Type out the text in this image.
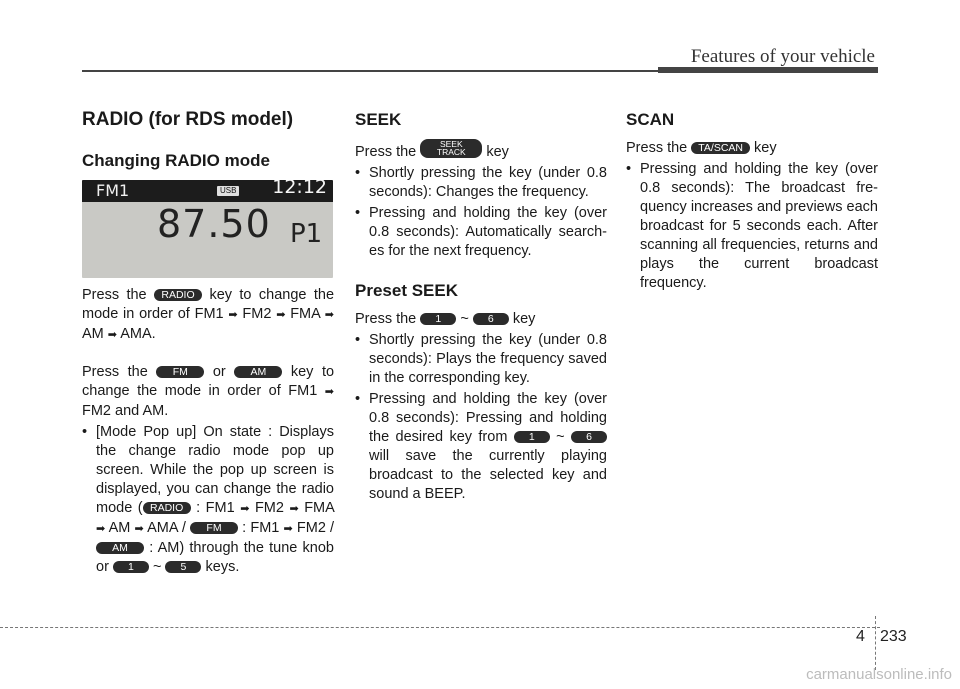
Features of your vehicle
RADIO (for RDS model)
Changing RADIO mode
FM1	USB 12:12
87.50 P1

Press the RADIO key to change the mode in order of FM1 ➡ FM2 ➡ FMA ➡ AM ➡ AMA.

Press the FM or AM key to change the mode in order of FM1 ➡ FM2 and AM.

• [Mode Pop up] On state : Displays the change radio mode pop up screen. While the pop up screen is displayed, you can change the radio mode ( RADIO : FM1 ➡ FM2 ➡ FMA ➡ AM ➡ AMA / FM : FM1 ➡ FM2 / AM : AM) through the tune knob or 1 ~ 5 keys.
SEEK

Press the	SEEK
TRACK key

• Shortly pressing the key (under 0.8 seconds): Changes the frequency.
• Pressing and holding the key (over 0.8 seconds): Automatically search-es for the next frequency.
Preset SEEK

Press the 1 ~ 6 key

• Shortly pressing the key (under 0.8 seconds): Plays the frequency saved in the corresponding key.
• Pressing and holding the key (over 0.8 seconds): Pressing and holding the desired key from 1 ~ 6 will save the currently playing broadcast to the selected key and sound a BEEP.
SCAN

Press the TA/SCAN key

• Pressing and holding the key (over 0.8 seconds): The broadcast fre-quency increases and previews each broadcast for 5 seconds each. After scanning all frequencies, returns and plays the current broadcast frequency.
4 233
carmanualsonline.info
